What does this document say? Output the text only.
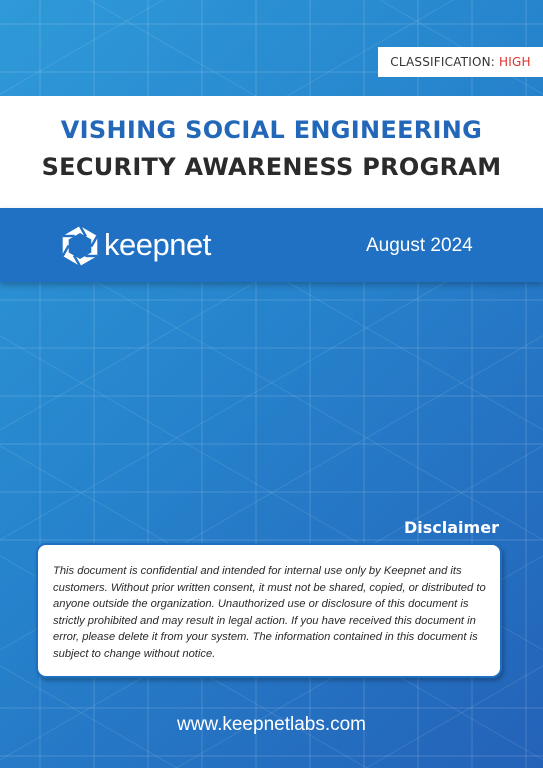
CLASSIFICATION: HIGH
VISHING SOCIAL ENGINEERING
SECURITY AWARENESS PROGRAM
keepnet	August 2024
Disclaimer
This document is confidential and intended for internal use only by Keepnet and its customers. Without prior written consent, it must not be shared, copied, or distributed to anyone outside the organization. Unauthorized use or disclosure of this document is strictly prohibited and may result in legal action. If you have received this document in error, please delete it from your system. The information contained in this document is subject to change without notice.
www.keepnetlabs.com
